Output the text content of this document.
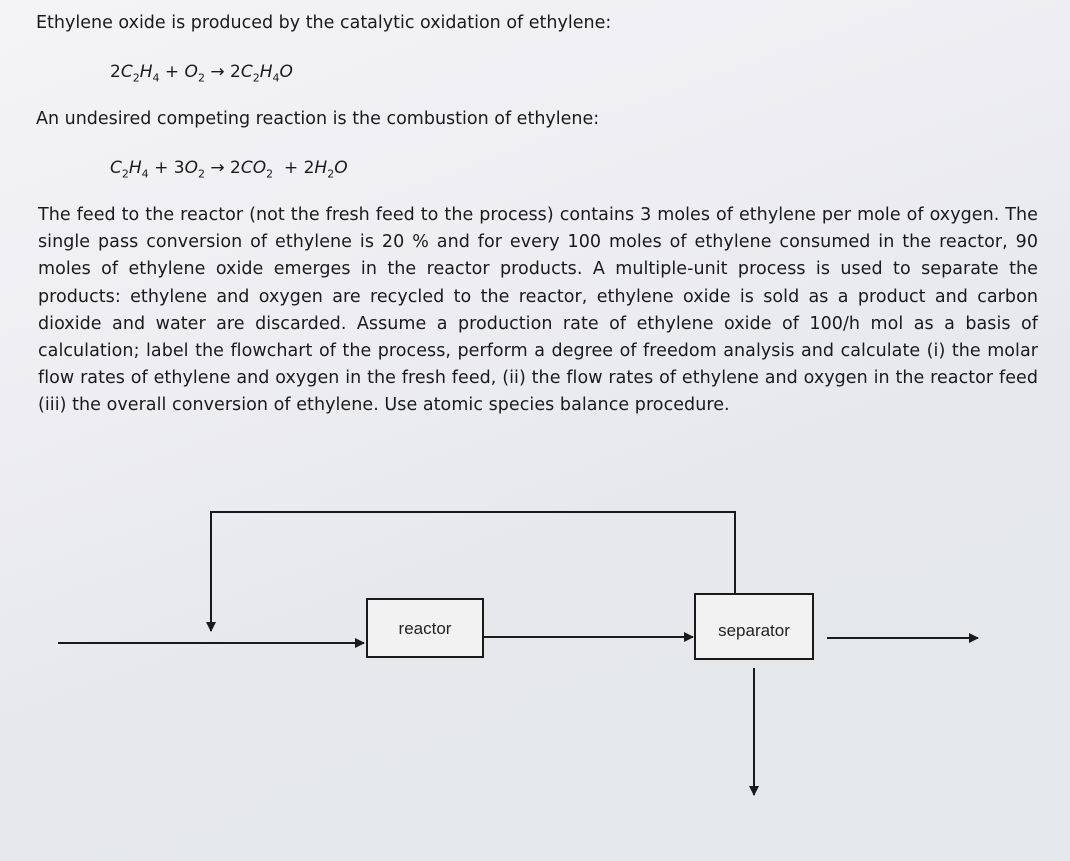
Ethylene oxide is produced by the catalytic oxidation of ethylene:

$2C_2H_4 + O_2 \to 2C_2H_4O$

An undesired competing reaction is the combustion of ethylene:

$C_2H_4 + 3O_2 \to 2CO_2 + 2H_2O$

The feed to the reactor (not the fresh feed to the process) contains 3 moles of ethylene per mole of oxygen. The single pass conversion of ethylene is 20 % and for every 100 moles of ethylene consumed in the reactor, 90 moles of ethylene oxide emerges in the reactor products. A multiple-unit process is used to separate the products: ethylene and oxygen are recycled to the reactor, ethylene oxide is sold as a product and carbon dioxide and water are discarded. Assume a production rate of ethylene oxide of 100/h mol as a basis of calculation; label the flowchart of the process, perform a degree of freedom analysis and calculate (i) the molar flow rates of ethylene and oxygen in the fresh feed, (ii) the flow rates of ethylene and oxygen in the reactor feed (iii) the overall conversion of ethylene. Use atomic species balance procedure.

reactor	separator
